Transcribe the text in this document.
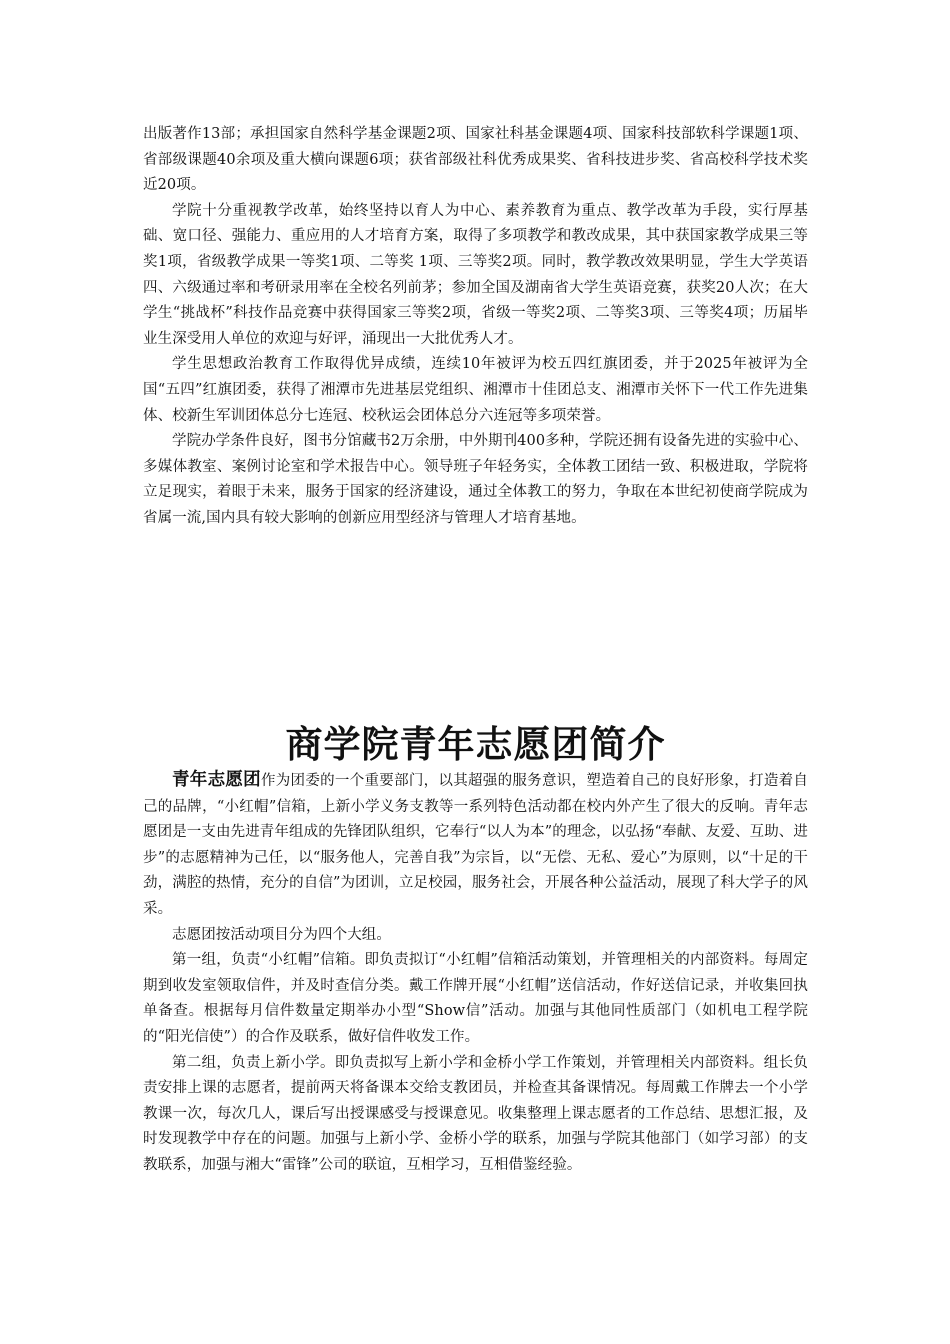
出版著作13部；承担国家自然科学基金课题2项、国家社科基金课题4项、国家科技部软科学课题1项、省部级课题40余项及重大横向课题6项；获省部级社科优秀成果奖、省科技进步奖、省高校科学技术奖近20项。

学院十分重视教学改革，始终坚持以育人为中心、素养教育为重点、教学改革为手段，实行厚基础、宽口径、强能力、重应用的人才培育方案，取得了多项教学和教改成果，其中获国家教学成果三等奖1项，省级教学成果一等奖1项、二等奖 1项、三等奖2项。同时，教学教改效果明显，学生大学英语四、六级通过率和考研录用率在全校名列前茅；参加全国及湖南省大学生英语竞赛，获奖20人次；在大学生“挑战杯”科技作品竞赛中获得国家三等奖2项，省级一等奖2项、二等奖3项、三等奖4项；历届毕业生深受用人单位的欢迎与好评，涌现出一大批优秀人才。

学生思想政治教育工作取得优异成绩，连续10年被评为校五四红旗团委，并于2025年被评为全国“五四”红旗团委，获得了湘潭市先进基层党组织、湘潭市十佳团总支、湘潭市关怀下一代工作先进集体、校新生军训团体总分七连冠、校秋运会团体总分六连冠等多项荣誉。

学院办学条件良好，图书分馆藏书2万余册，中外期刊400多种，学院还拥有设备先进的实验中心、多媒体教室、案例讨论室和学术报告中心。领导班子年轻务实，全体教工团结一致、积极进取，学院将立足现实，着眼于未来，服务于国家的经济建设，通过全体教工的努力，争取在本世纪初使商学院成为省属一流,国内具有较大影响的创新应用型经济与管理人才培育基地。

商学院青年志愿团简介

青年志愿团作为团委的一个重要部门，以其超强的服务意识，塑造着自己的良好形象，打造着自己的品牌，“小红帽”信箱，上新小学义务支教等一系列特色活动都在校内外产生了很大的反响。青年志愿团是一支由先进青年组成的先锋团队组织，它奉行“以人为本”的理念，以弘扬“奉献、友爱、互助、进步”的志愿精神为己任，以“服务他人，完善自我”为宗旨，以“无偿、无私、爱心”为原则，以“十足的干劲，满腔的热情，充分的自信”为团训，立足校园，服务社会，开展各种公益活动，展现了科大学子的风采。

志愿团按活动项目分为四个大组。

第一组，负责“小红帽”信箱。即负责拟订“小红帽”信箱活动策划，并管理相关的内部资料。每周定期到收发室领取信件，并及时查信分类。戴工作牌开展“小红帽”送信活动，作好送信记录，并收集回执单备查。根据每月信件数量定期举办小型“Show信”活动。加强与其他同性质部门（如机电工程学院的“阳光信使”）的合作及联系，做好信件收发工作。

第二组，负责上新小学。即负责拟写上新小学和金桥小学工作策划，并管理相关内部资料。组长负责安排上课的志愿者，提前两天将备课本交给支教团员，并检查其备课情况。每周戴工作牌去一个小学教课一次，每次几人，课后写出授课感受与授课意见。收集整理上课志愿者的工作总结、思想汇报，及时发现教学中存在的问题。加强与上新小学、金桥小学的联系，加强与学院其他部门（如学习部）的支教联系，加强与湘大“雷锋”公司的联谊，互相学习，互相借鉴经验。
